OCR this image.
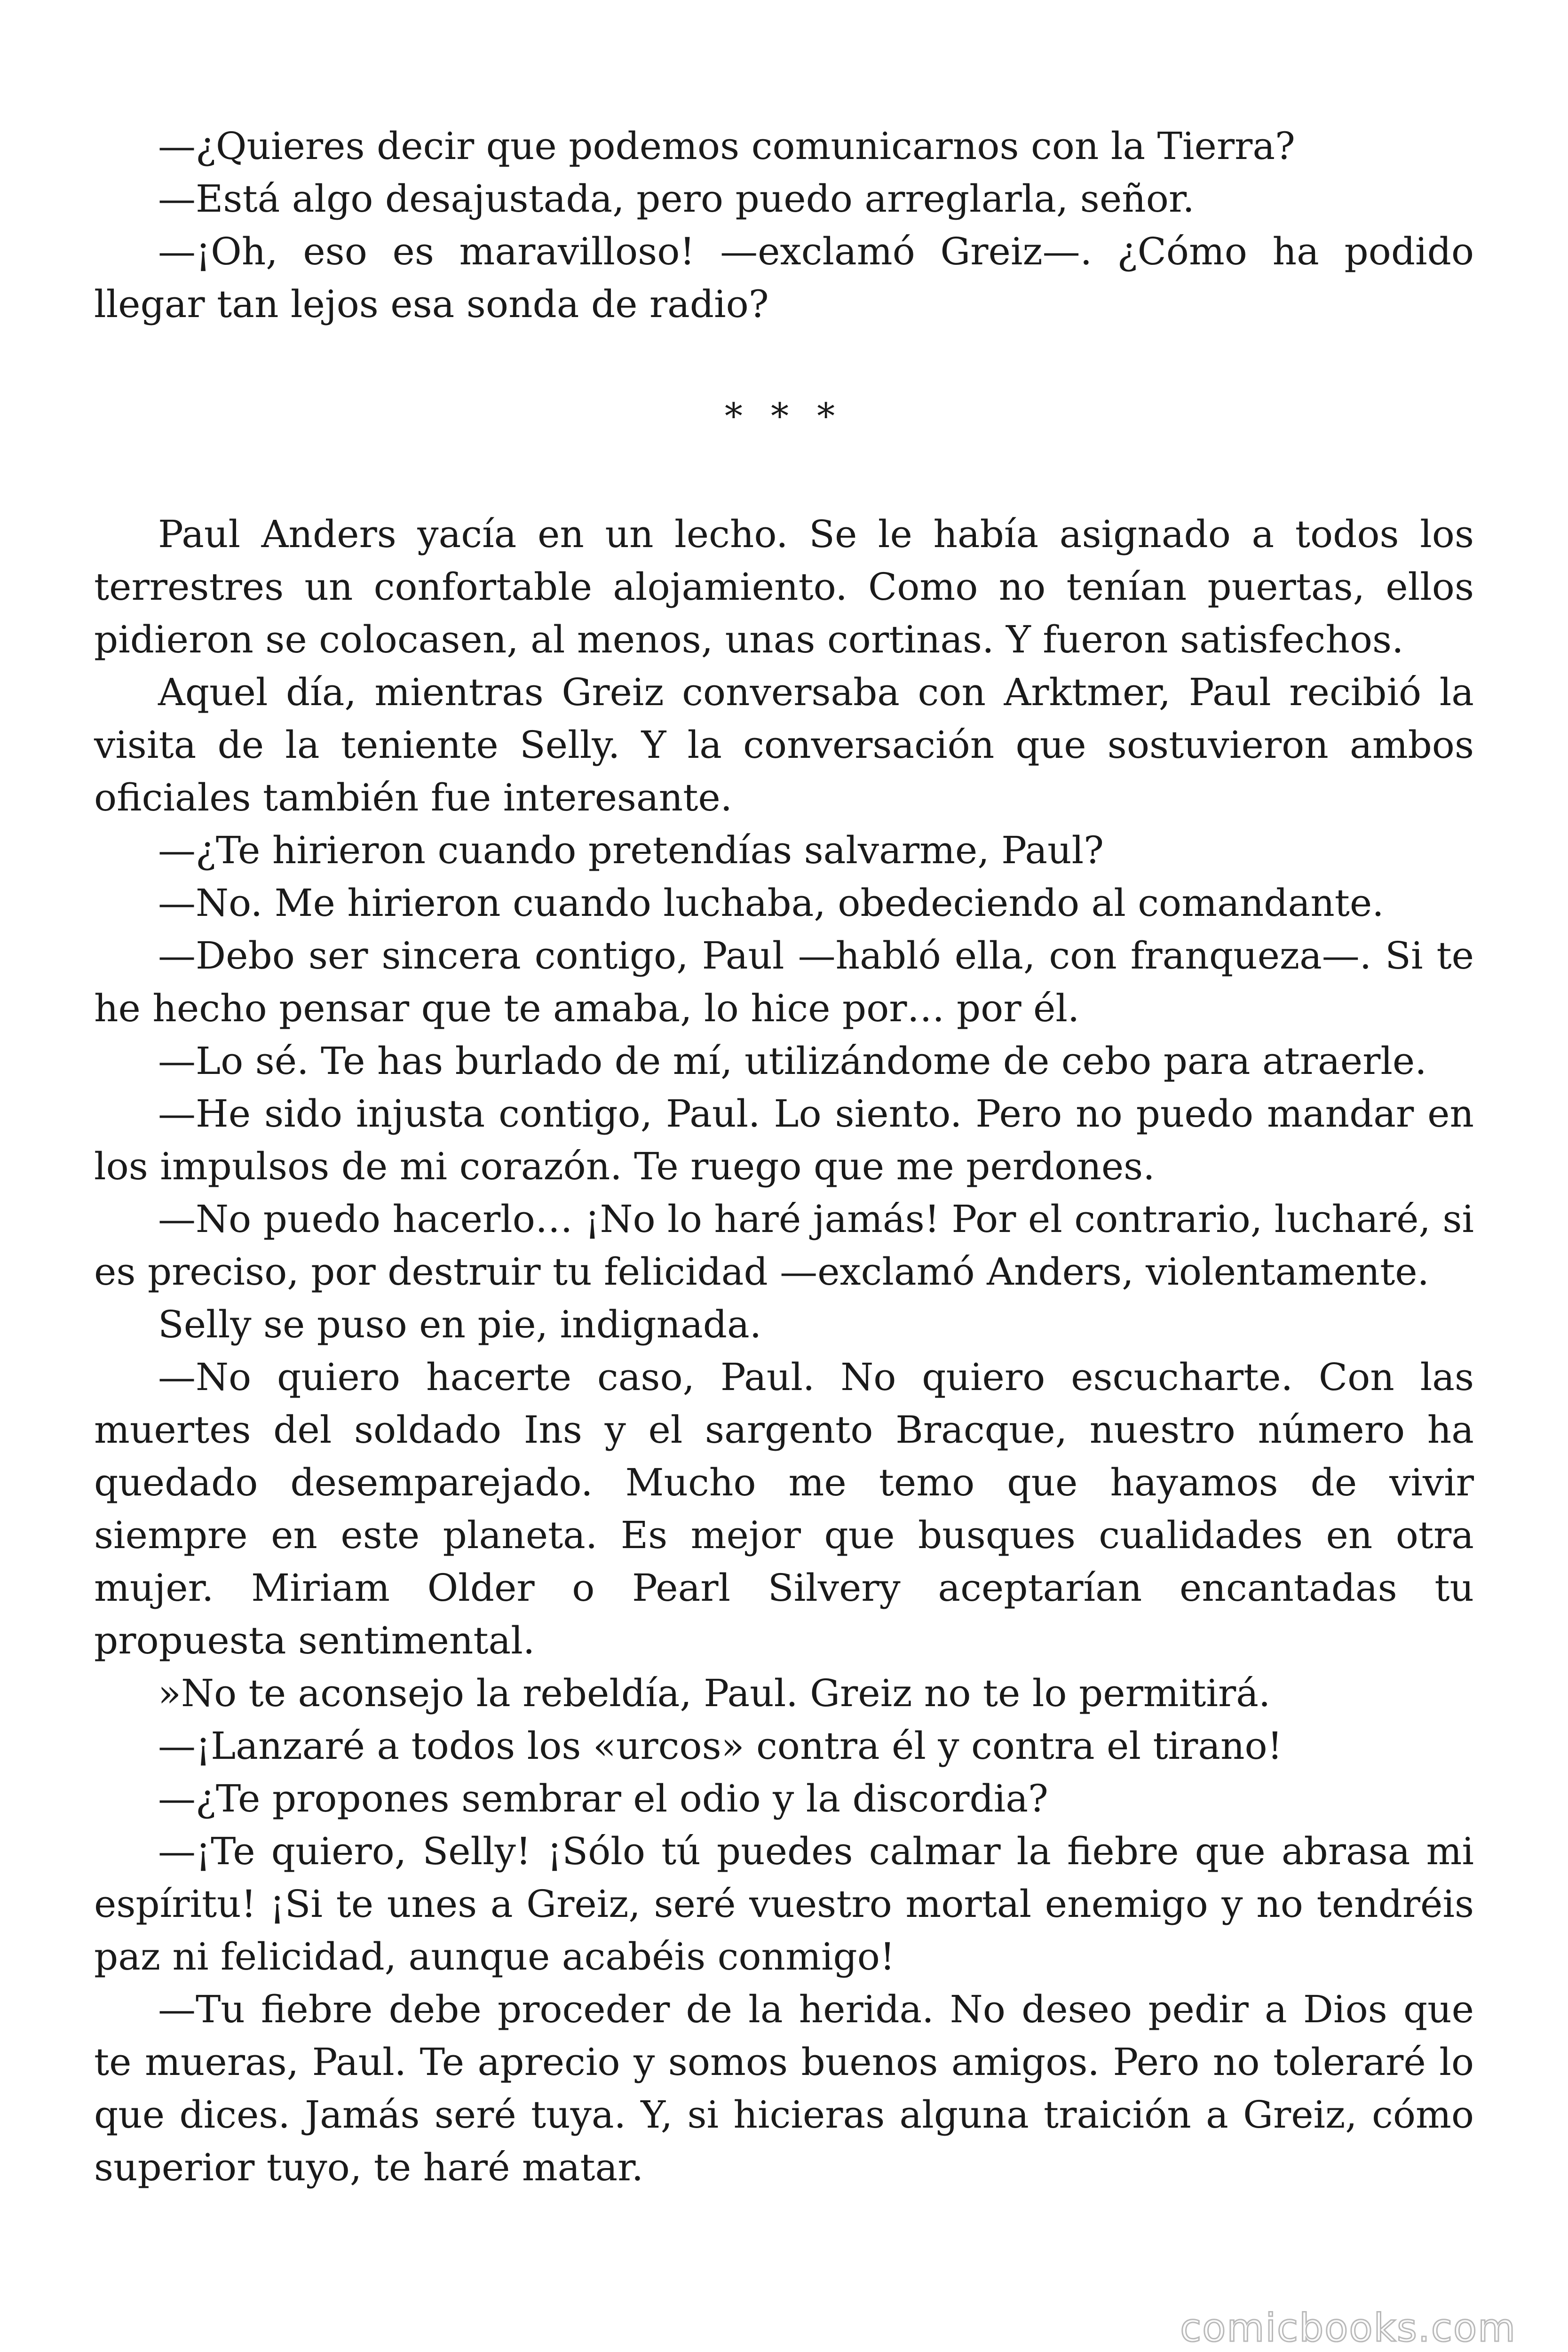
—¿Quieres decir que podemos comunicarnos con la Tierra?

—Está algo desajustada, pero puedo arreglarla, señor.

—¡Oh, eso es maravilloso! —exclamó Greiz—. ¿Cómo ha podido llegar tan lejos esa sonda de radio?

* * *

Paul Anders yacía en un lecho. Se le había asignado a todos los terrestres un confortable alojamiento. Como no tenían puertas, ellos pidieron se colocasen, al menos, unas cortinas. Y fueron satisfechos.

Aquel día, mientras Greiz conversaba con Arktmer, Paul recibió la visita de la teniente Selly. Y la conversación que sostuvieron ambos oficiales también fue interesante.

—¿Te hirieron cuando pretendías salvarme, Paul?

—No. Me hirieron cuando luchaba, obedeciendo al comandante.

—Debo ser sincera contigo, Paul —habló ella, con franqueza—. Si te he hecho pensar que te amaba, lo hice por… por él.

—Lo sé. Te has burlado de mí, utilizándome de cebo para atraerle.

—He sido injusta contigo, Paul. Lo siento. Pero no puedo mandar en los impulsos de mi corazón. Te ruego que me perdones.

—No puedo hacerlo… ¡No lo haré jamás! Por el contrario, lucharé, si es preciso, por destruir tu felicidad —exclamó Anders, violentamente.

Selly se puso en pie, indignada.

—No quiero hacerte caso, Paul. No quiero escucharte. Con las muertes del soldado Ins y el sargento Bracque, nuestro número ha quedado desemparejado. Mucho me temo que hayamos de vivir siempre en este planeta. Es mejor que busques cualidades en otra mujer. Miriam Older o Pearl Silvery aceptarían encantadas tu propuesta sentimental.

»No te aconsejo la rebeldía, Paul. Greiz no te lo permitirá.

—¡Lanzaré a todos los «urcos» contra él y contra el tirano!

—¿Te propones sembrar el odio y la discordia?

—¡Te quiero, Selly! ¡Sólo tú puedes calmar la fiebre que abrasa mi espíritu! ¡Si te unes a Greiz, seré vuestro mortal enemigo y no tendréis paz ni felicidad, aunque acabéis conmigo!

—Tu fiebre debe proceder de la herida. No deseo pedir a Dios que te mueras, Paul. Te aprecio y somos buenos amigos. Pero no toleraré lo que dices. Jamás seré tuya. Y, si hicieras alguna traición a Greiz, cómo superior tuyo, te haré matar.

comicbooks.com
